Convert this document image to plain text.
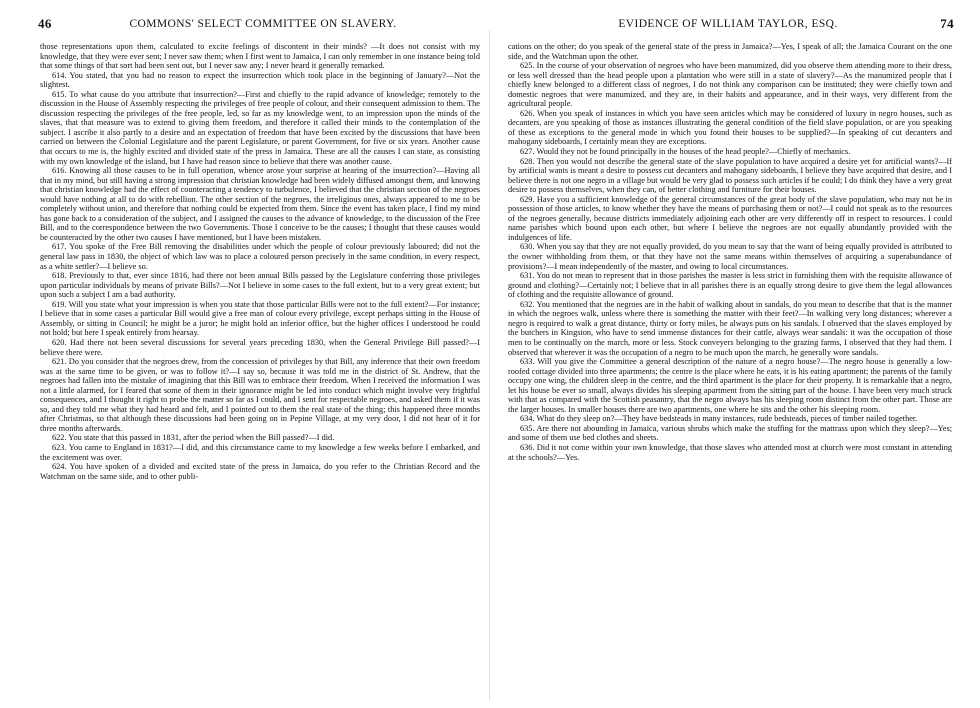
46	COMMONS' SELECT COMMITTEE ON SLAVERY.	EVIDENCE OF WILLIAM TAYLOR, ESQ.	74

those representations upon them, calculated to excite feelings of discontent in their minds? —It does not consist with my knowledge, that they were ever sent; I never saw them; when I first went to Jamaica, I can only remember in one instance being told that some things of that sort had been sent out, but I never saw any; I never heard it generally remarked.

614. You stated, that you had no reason to expect the insurrection which took place in the beginning of January?—Not the slightest.

615. To what cause do you attribute that insurrection?—First and chiefly to the rapid advance of knowledge; remotely to the discussion in the House of Assembly respecting the privileges of free people of colour, and their consequent admission to them. The discussion respecting the privileges of the free people, led, so far as my knowledge went, to an impression upon the minds of the slaves, that that measure was to extend to giving them freedom, and therefore it called their minds to the contemplation of the subject. I ascribe it also partly to a desire and an expectation of freedom that have been excited by the discussions that have been carried on between the Colonial Legislature and the parent Legislature, or parent Government, for five or six years. Another cause that occurs to me is, the highly excited and divided state of the press in Jamaica. These are all the causes I can state, as consisting with my own knowledge of the island, but I have had reason since to believe that there was another cause.

616. Knowing all those causes to be in full operation, whence arose your surprise at hearing of the insurrection?—Having all that in my mind, but still having a strong impression that christian knowledge had been widely diffused amongst them, and knowing that christian knowledge had the effect of counteracting a tendency to turbulence, I believed that the christian section of the negroes would have nothing at all to do with rebellion. The other section of the negroes, the irreligious ones, always appeared to me to be completely without union, and therefore that nothing could be expected from them. Since the event has taken place, I find my mind has gone back to a consideration of the subject, and I assigned the causes to the advance of knowledge, to the discussion of the Free Bill, and to the correspondence between the two Governments. Those I conceive to be the causes; I thought that these causes would be counteracted by the other two causes I have mentioned, but I have been mistaken.

617. You spoke of the Free Bill removing the disabilities under which the people of colour previously laboured; did not the general law pass in 1830, the object of which law was to place a coloured person precisely in the same condition, in every respect, as a white settler?—I believe so.

618. Previously to that, ever since 1816, had there not been annual Bills passed by the Legislature conferring those privileges upon particular individuals by means of private Bills?—Not I believe in some cases to the full extent, but to a very great extent; but upon such a subject I am a bad authority.

619. Will you state what your impression is when you state that those particular Bills were not to the full extent?—For instance; I believe that in some cases a particular Bill would give a free man of colour every privilege, except perhaps sitting in the House of Assembly, or sitting in Council; he might be a juror; he might hold an inferior office, but the higher offices I understood he could not hold; but here I speak entirely from hearsay.

620. Had there not been several discussions for several years preceding 1830, when the General Privilege Bill passed?—I believe there were.

621. Do you consider that the negroes drew, from the concession of privileges by that Bill, any inference that their own freedom was at the same time to be given, or was to follow it?—I say so, because it was told me in the district of St. Andrew, that the negroes had fallen into the mistake of imagining that this Bill was to embrace their freedom. When I received the information I was not a little alarmed, for I feared that some of them in their ignorance might be led into conduct which might involve very frightful consequences, and I thought it right to probe the matter so far as I could, and I sent for respectable negroes, and asked them if it was so, and they told me what they had heard and felt, and I pointed out to them the real state of the thing; this happened three months after Christmas, so that although these discussions had been going on in Pepine Village, at my very door, I did not hear of it for three months afterwards.

622. You state that this passed in 1831, after the period when the Bill passed?—I did.

623. You came to England in 1831?—I did, and this circumstance came to my knowledge a few weeks before I embarked, and the excitement was over.

624. You have spoken of a divided and excited state of the press in Jamaica, do you refer to the Christian Record and the Watchman on the same side, and to other publi-

cations on the other; do you speak of the general state of the press in Jamaica?—Yes, I speak of all; the Jamaica Courant on the one side, and the Watchman upon the other.

625. In the course of your observation of negroes who have been manumized, did you observe them attending more to their dress, or less well dressed than the head people upon a plantation who were still in a state of slavery?—As the manumized people that I chiefly knew belonged to a different class of negroes, I do not think any comparison can be instituted; they were chiefly town and domestic negroes that were manumized, and they are, in their habits and appearance, and in their ways, very different from the agricultural people.

626. When you speak of instances in which you have seen articles which may be considered of luxury in negro houses, such as decanters, are you speaking of those as instances illustrating the general condition of the field slave population, or are you speaking of these as exceptions to the general mode in which you found their houses to be supplied?—In speaking of cut decanters and mahogany sideboards, I certainly mean they are exceptions.

627. Would they not be found principally in the houses of the head people?—Chiefly of mechanics.

628. Then you would not describe the general state of the slave population to have acquired a desire yet for artificial wants?—If by artificial wants is meant a desire to possess cut decanters and mahogany sideboards, I believe they have acquired that desire, and I believe there is not one negro in a village but would be very glad to possess such articles if he could; I do think they have a very great desire to possess themselves, when they can, of better clothing and furniture for their houses.

629. Have you a sufficient knowledge of the general circumstances of the great body of the slave population, who may not be in possession of those articles, to know whether they have the means of purchasing them or not?—I could not speak as to the resources of the negroes generally, because districts immediately adjoining each other are very differently off in respect to resources. I could name parishes which bound upon each other, but where I believe the negroes are not equally abundantly provided with the indulgences of life.

630. When you say that they are not equally provided, do you mean to say that the want of being equally provided is attributed to the owner withholding from them, or that they have not the same means within themselves of acquiring a superabundance of provisions?—I mean independently of the master, and owing to local circumstances.

631. You do not mean to represent that in those parishes the master is less strict in furnishing them with the requisite allowance of ground and clothing?—Certainly not; I believe that in all parishes there is an equally strong desire to give them the legal allowances of clothing and the requisite allowance of ground.

632. You mentioned that the negroes are in the habit of walking about in sandals, do you mean to describe that that is the manner in which the negroes walk, unless where there is something the matter with their feet?—In walking very long distances; wherever a negro is required to walk a great distance, thirty or forty miles, he always puts on his sandals. I observed that the slaves employed by the butchers in Kingston, who have to send immense distances for their cattle, always wear sandals: it was the occupation of those men to be continually on the march, more or less. Stock conveyers belonging to the grazing farms, I observed that they had them. I observed that wherever it was the occupation of a negro to be much upon the march, he generally wore sandals.

633. Will you give the Committee a general description of the nature of a negro house?—The negro house is generally a low-roofed cottage divided into three apartments; the centre is the place where he eats, it is his eating apartment; the parents of the family occupy one wing, the children sleep in the centre, and the third apartment is the place for their property. It is remarkable that a negro, let his house be ever so small, always divides his sleeping apartment from the sitting part of the house. I have been very much struck with that as compared with the Scottish peasantry, that the negro always has his sleeping room distinct from the other part. Those are the larger houses. In smaller houses there are two apartments, one where he sits and the other his sleeping room.

634. What do they sleep on?—They have bedsteads in many instances, rude bedsteads, pieces of timber nailed together.

635. Are there not abounding in Jamaica, various shrubs which make the stuffing for the mattrass upon which they sleep?—Yes; and some of them use bed clothes and sheets.

636. Did it not come within your own knowledge, that those slaves who attended most at church were most constant in attending at the schools?—Yes.
